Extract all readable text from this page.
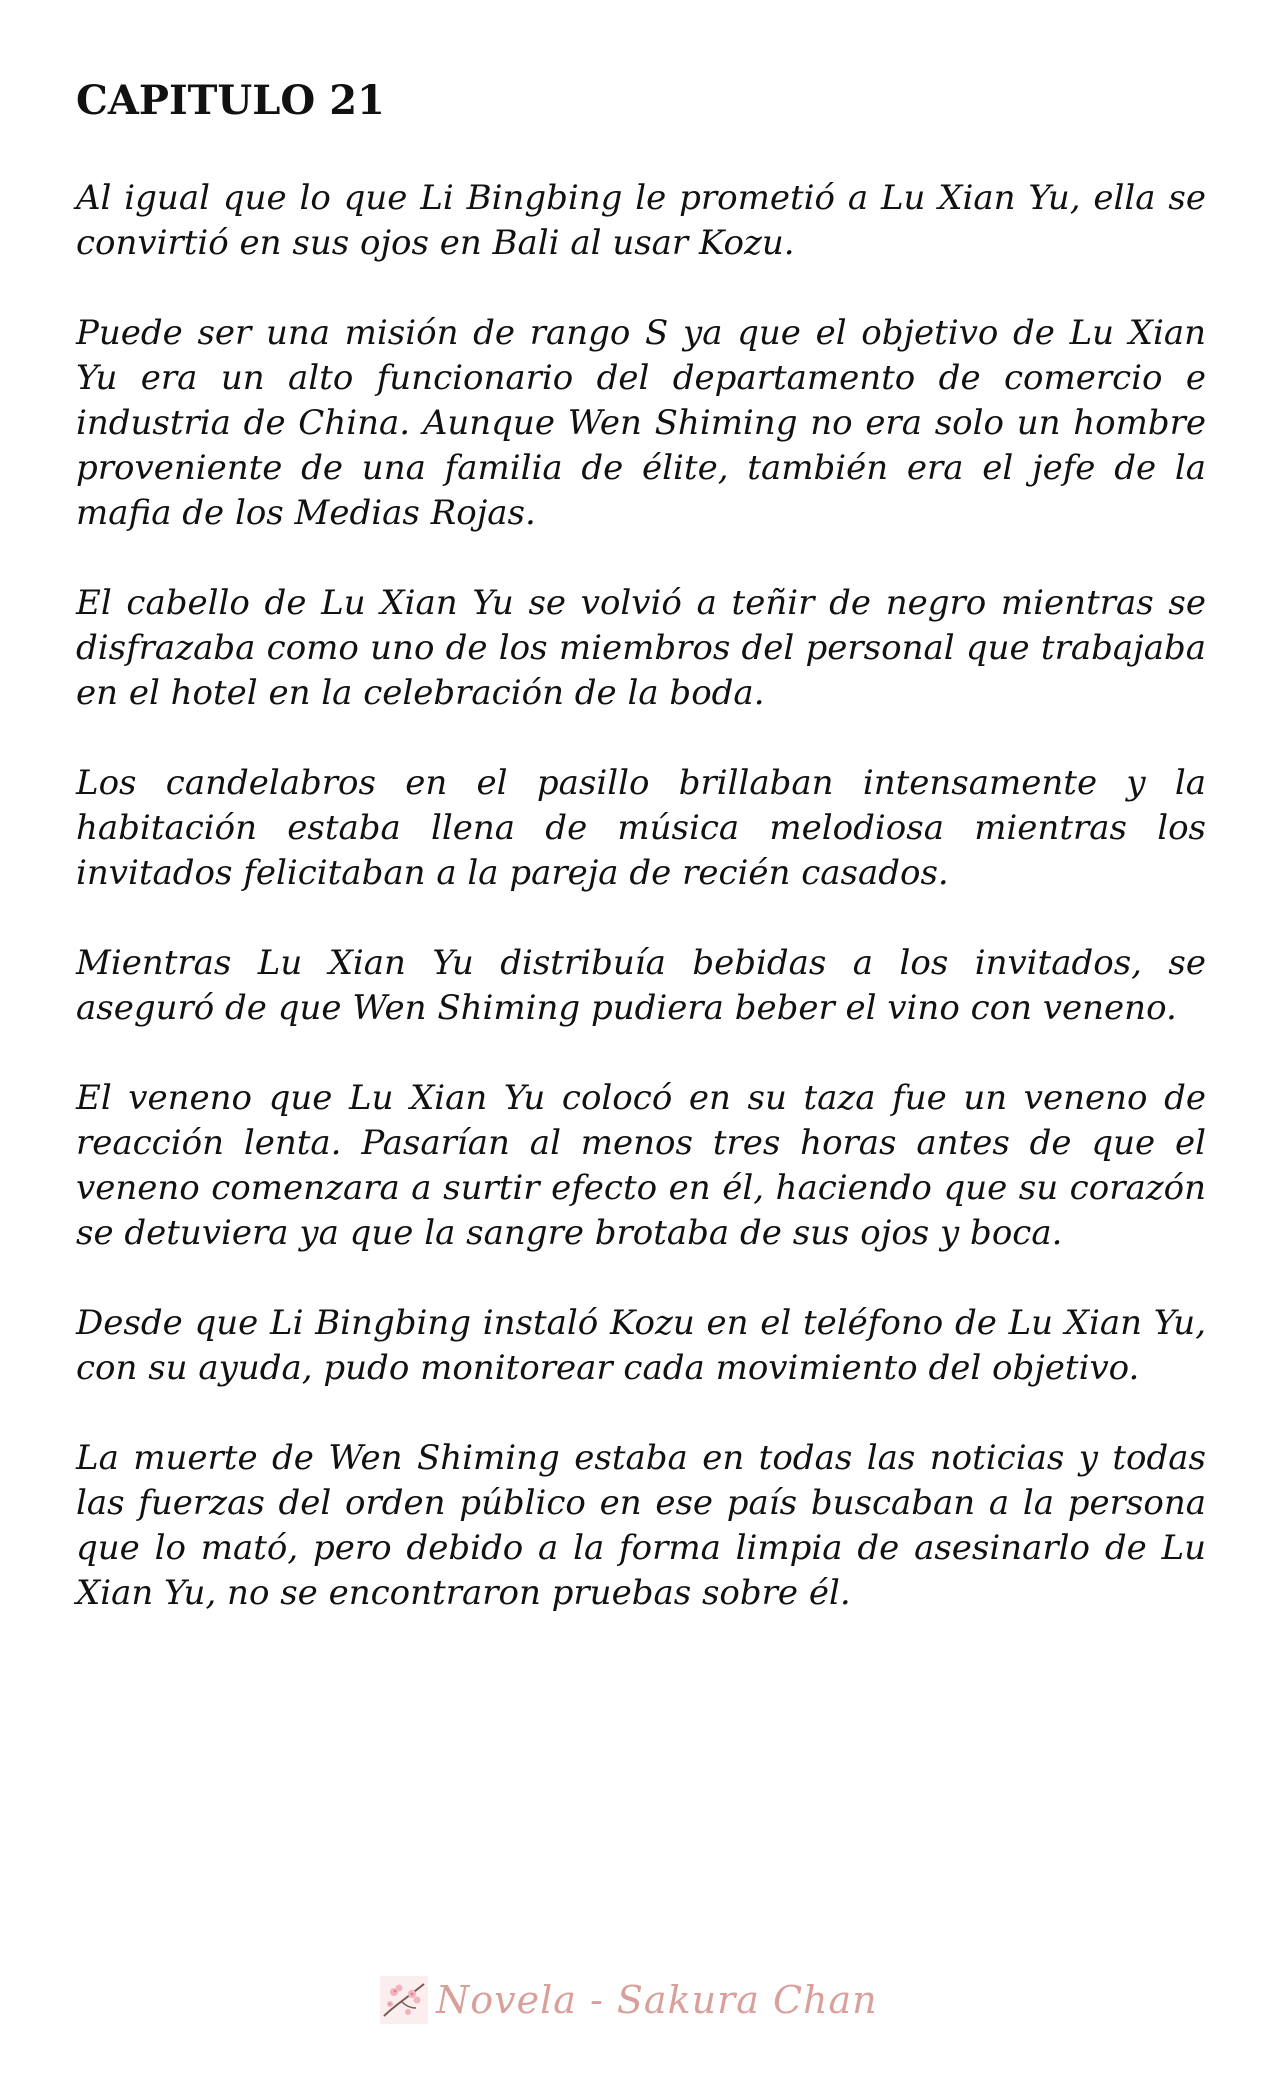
CAPITULO 21

Al igual que lo que Li Bingbing le prometió a Lu Xian Yu, ella se convirtió en sus ojos en Bali al usar Kozu.

Puede ser una misión de rango S ya que el objetivo de Lu Xian Yu era un alto funcionario del departamento de comercio e industria de China. Aunque Wen Shiming no era solo un hombre proveniente de una familia de élite, también era el jefe de la mafia de los Medias Rojas.

El cabello de Lu Xian Yu se volvió a teñir de negro mientras se disfrazaba como uno de los miembros del personal que trabajaba en el hotel en la celebración de la boda.

Los candelabros en el pasillo brillaban intensamente y la habitación estaba llena de música melodiosa mientras los invitados felicitaban a la pareja de recién casados.

Mientras Lu Xian Yu distribuía bebidas a los invitados, se aseguró de que Wen Shiming pudiera beber el vino con veneno.

El veneno que Lu Xian Yu colocó en su taza fue un veneno de reacción lenta. Pasarían al menos tres horas antes de que el veneno comenzara a surtir efecto en él, haciendo que su corazón se detuviera ya que la sangre brotaba de sus ojos y boca.

Desde que Li Bingbing instaló Kozu en el teléfono de Lu Xian Yu, con su ayuda, pudo monitorear cada movimiento del objetivo.

La muerte de Wen Shiming estaba en todas las noticias y todas las fuerzas del orden público en ese país buscaban a la persona que lo mató, pero debido a la forma limpia de asesinarlo de Lu Xian Yu, no se encontraron pruebas sobre él.

Novela - Sakura Chan
